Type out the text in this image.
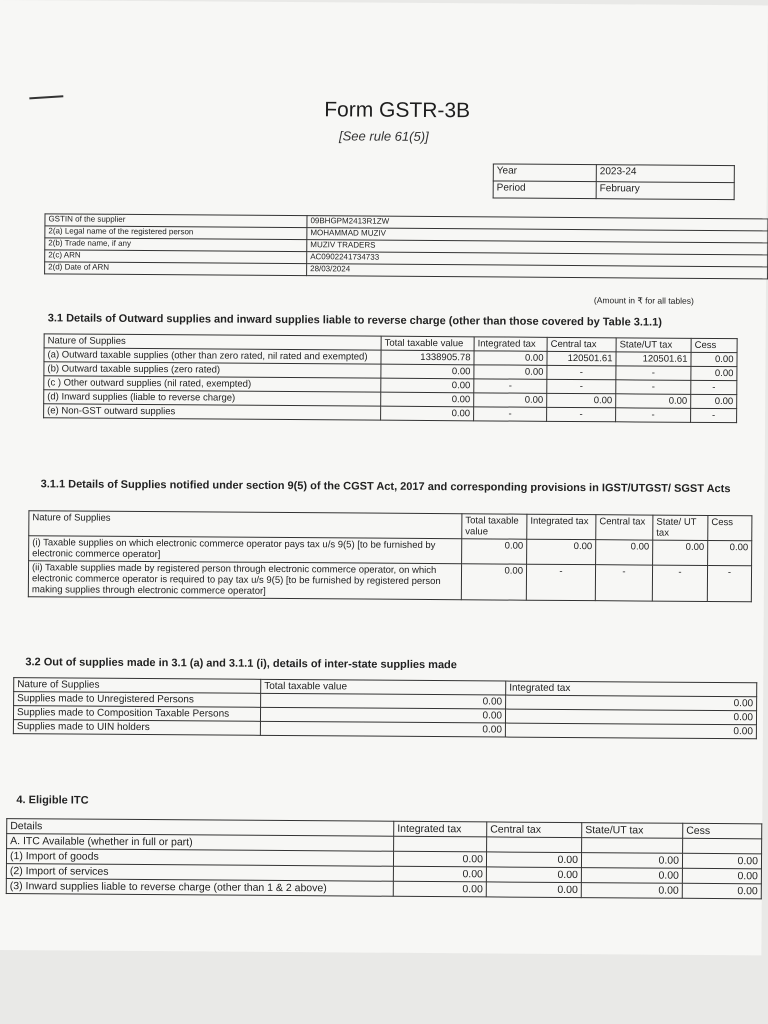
Form GSTR-3B
[See rule 61(5)]
Year	2023-24
Period	February
GSTIN of the supplier	09BHGPM2413R1ZW
2(a) Legal name of the registered person	MOHAMMAD MUZIV
2(b) Trade name, if any	MUZIV TRADERS
2(c) ARN	AC0902241734733
2(d) Date of ARN	28/03/2024
(Amount in ₹ for all tables)
3.1 Details of Outward supplies and inward supplies liable to reverse charge (other than those covered by Table 3.1.1)
Nature of Supplies	Total taxable value	Integrated tax	Central tax	State/UT tax	Cess
(a) Outward taxable supplies (other than zero rated, nil rated and exempted)	1338905.78	0.00	120501.61	120501.61	0.00
(b) Outward taxable supplies (zero rated)	0.00	0.00	-	-	0.00
(c ) Other outward supplies (nil rated, exempted)	0.00	-	-	-	-
(d) Inward supplies (liable to reverse charge)	0.00	0.00	0.00	0.00	0.00
(e) Non-GST outward supplies	0.00	-	-	-	-
3.1.1 Details of Supplies notified under section 9(5) of the CGST Act, 2017 and corresponding provisions in IGST/UTGST/ SGST Acts
Nature of Supplies	Total taxable value	Integrated tax	Central tax	State/ UT tax	Cess
(i) Taxable supplies on which electronic commerce operator pays tax u/s 9(5) [to be furnished by electronic commerce operator]	0.00	0.00	0.00	0.00	0.00
(ii) Taxable supplies made by registered person through electronic commerce operator, on which electronic commerce operator is required to pay tax u/s 9(5) [to be furnished by registered person making supplies through electronic commerce operator]	0.00	-	-	-	-
3.2 Out of supplies made in 3.1 (a) and 3.1.1 (i), details of inter-state supplies made
Nature of Supplies	Total taxable value	Integrated tax
Supplies made to Unregistered Persons	0.00	0.00
Supplies made to Composition Taxable Persons	0.00	0.00
Supplies made to UIN holders	0.00	0.00
4. Eligible ITC
Details	Integrated tax	Central tax	State/UT tax	Cess
A. ITC Available (whether in full or part)				
(1) Import of goods	0.00	0.00	0.00	0.00
(2) Import of services	0.00	0.00	0.00	0.00
(3) Inward supplies liable to reverse charge (other than 1 & 2 above)	0.00	0.00	0.00	0.00
